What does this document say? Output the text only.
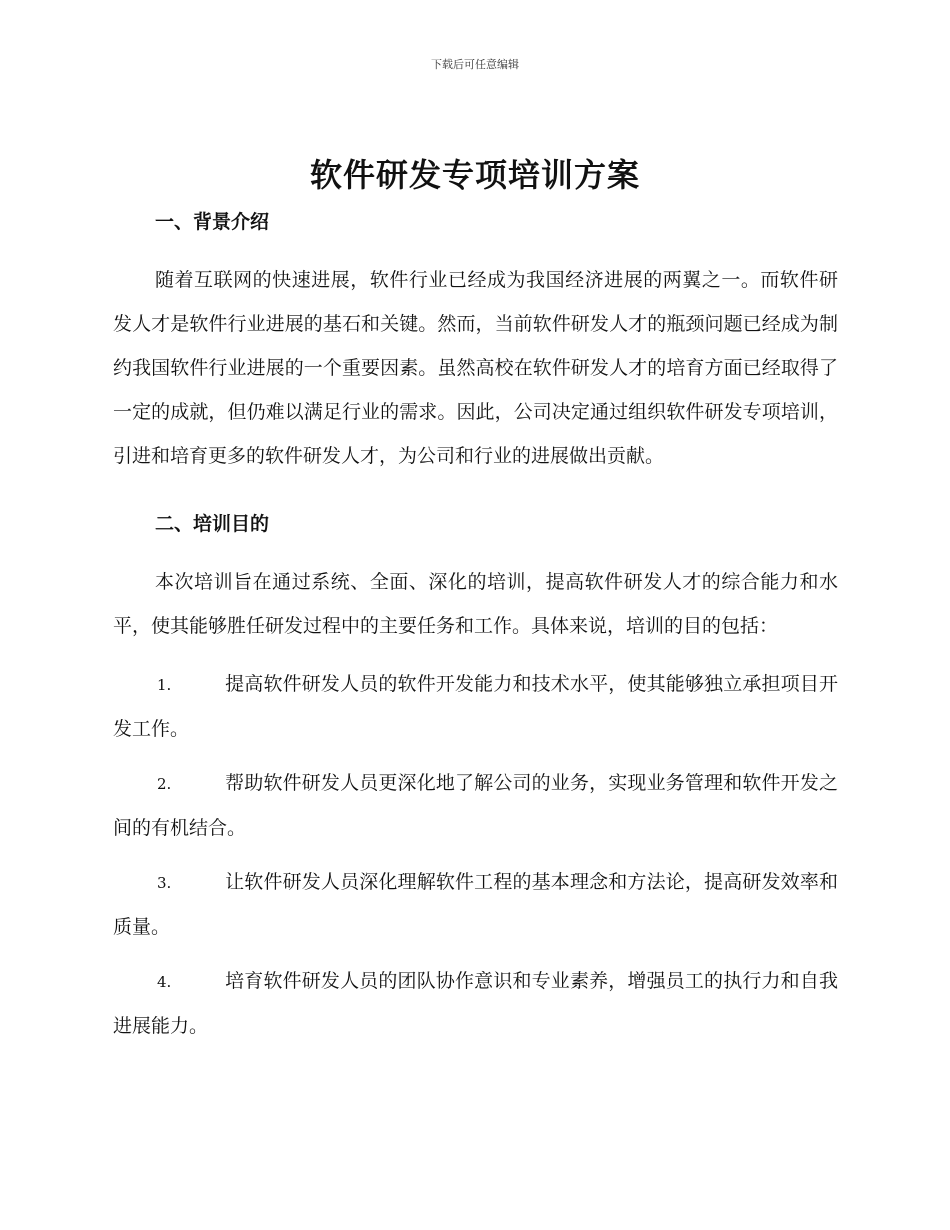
下载后可任意编辑
软件研发专项培训方案

一、背景介绍

随着互联网的快速进展，软件行业已经成为我国经济进展的两翼之一。而软件研发人才是软件行业进展的基石和关键。然而，当前软件研发人才的瓶颈问题已经成为制约我国软件行业进展的一个重要因素。虽然高校在软件研发人才的培育方面已经取得了一定的成就，但仍难以满足行业的需求。因此，公司决定通过组织软件研发专项培训，引进和培育更多的软件研发人才，为公司和行业的进展做出贡献。

二、培训目的

本次培训旨在通过系统、全面、深化的培训，提高软件研发人才的综合能力和水平，使其能够胜任研发过程中的主要任务和工作。具体来说，培训的目的包括：

1.	提高软件研发人员的软件开发能力和技术水平，使其能够独立承担项目开发工作。

2.	帮助软件研发人员更深化地了解公司的业务，实现业务管理和软件开发之间的有机结合。

3.	让软件研发人员深化理解软件工程的基本理念和方法论，提高研发效率和质量。

4.	培育软件研发人员的团队协作意识和专业素养，增强员工的执行力和自我进展能力。
